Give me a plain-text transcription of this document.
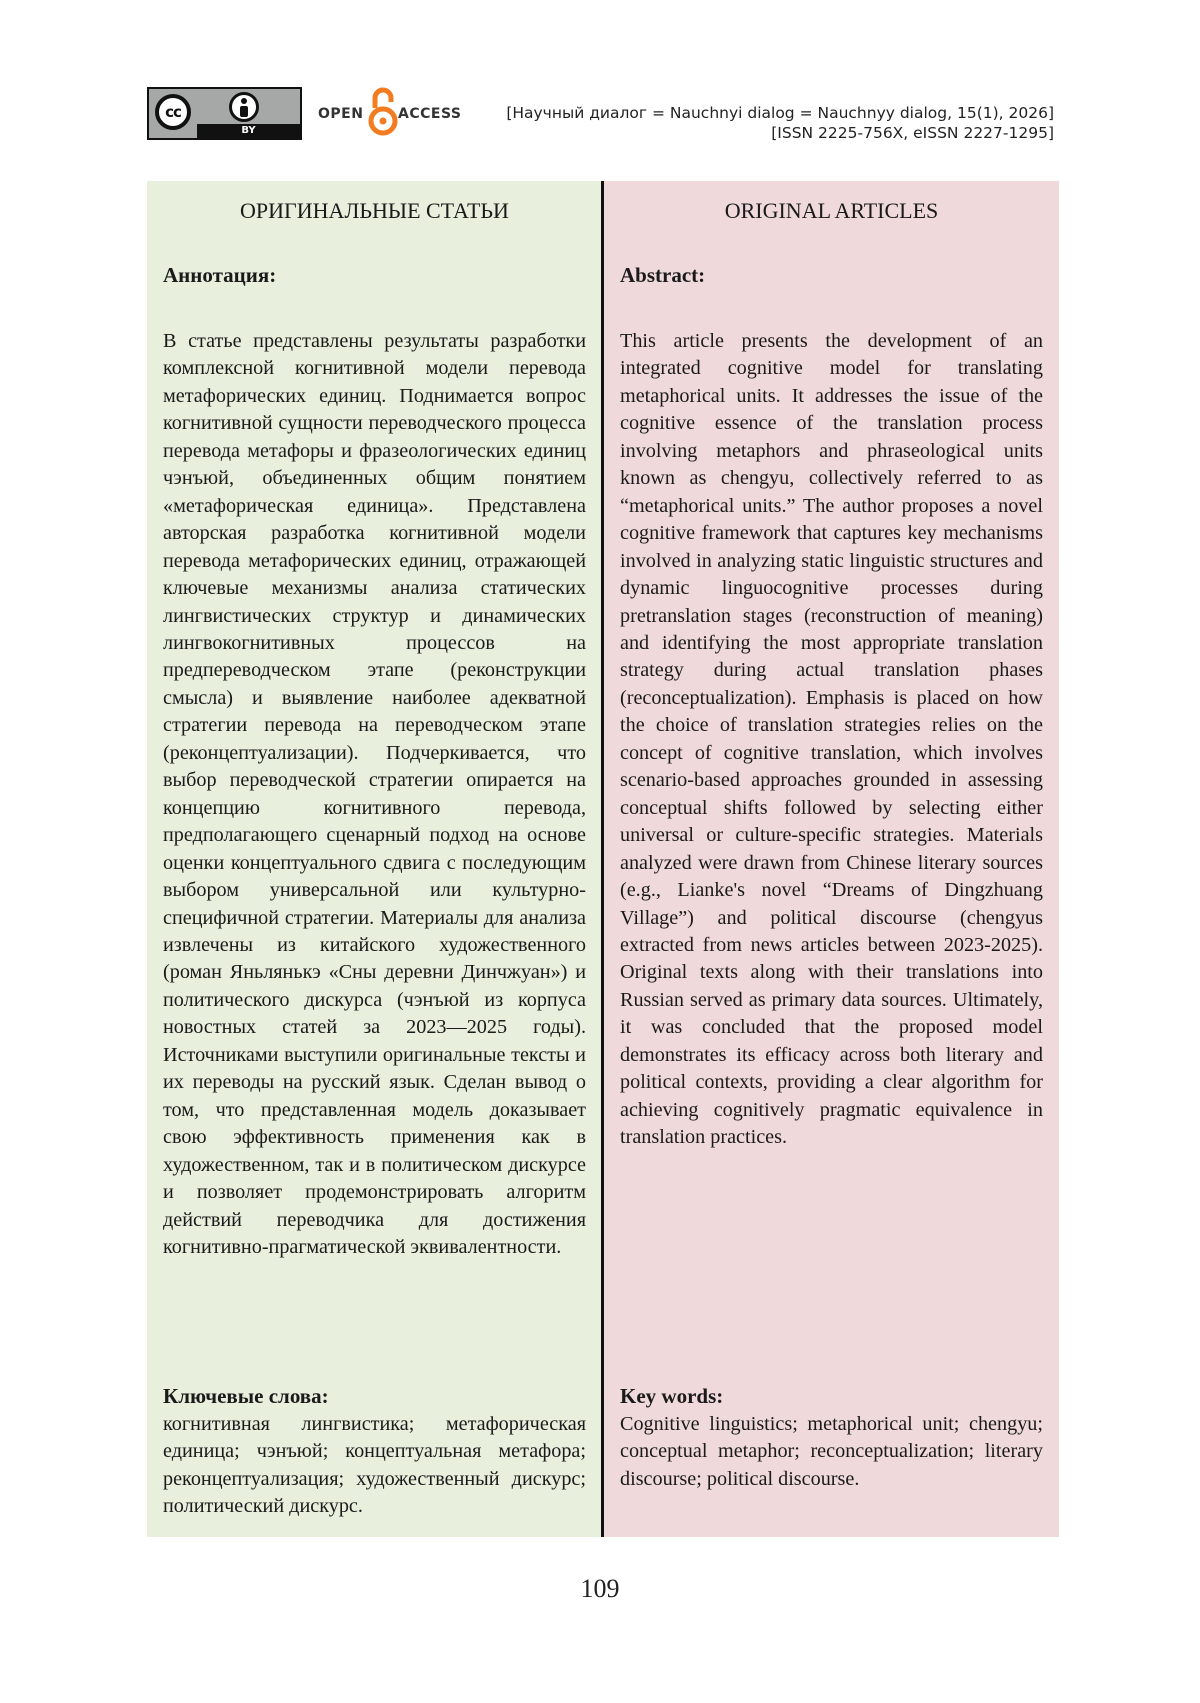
cc
BY
OPEN ACCESS	[Научный диалог = Nauchnyi dialog = Nauchnyy dialog, 15(1), 2026]
[ISSN 2225-756X, eISSN 2227-1295]
ОРИГИНАЛЬНЫЕ СТАТЬИ
Аннотация:
В статье представлены результаты разработки комплексной когнитивной модели перевода метафорических единиц. Поднимается вопрос когнитивной сущности переводческого процесса перевода метафоры и фразеологических единиц чэнъюй, объединенных общим понятием «метафорическая единица». Представлена авторская разработка когнитивной модели перевода метафорических единиц, отражающей ключевые механизмы анализа статических лингвистических структур и динамических лингвокогнитивных процессов на предпереводческом этапе (реконструкции смысла) и выявление наиболее адекватной стратегии перевода на переводческом этапе (реконцептуализации). Подчеркивается, что выбор переводческой стратегии опирается на концепцию когнитивного перевода, предполагающего сценарный подход на основе оценки концептуального сдвига с последующим выбором универсальной или культурно-специфичной стратегии. Материалы для анализа извлечены из китайского художественного (роман Яньлянькэ «Сны деревни Динчжуан») и политического дискурса (чэнъюй из корпуса новостных статей за 2023—2025 годы). Источниками выступили оригинальные тексты и их переводы на русский язык. Сделан вывод о том, что представленная модель доказывает свою эффективность применения как в художественном, так и в политическом дискурсе и позволяет продемонстрировать алгоритм действий переводчика для достижения когнитивно-прагматической эквивалентности.
Ключевые слова:
когнитивная лингвистика; метафорическая единица; чэнъюй; концептуальная метафора; реконцептуализация; художественный дискурс; политический дискурс.
ORIGINAL ARTICLES
Abstract:
This article presents the development of an integrated cognitive model for translating metaphorical units. It addresses the issue of the cognitive essence of the translation process involving metaphors and phraseological units known as chengyu, collectively referred to as “metaphorical units.” The author proposes a novel cognitive framework that captures key mechanisms involved in analyzing static linguistic structures and dynamic linguocognitive processes during pretranslation stages (reconstruction of meaning) and identifying the most appropriate translation strategy during actual translation phases (reconceptualization). Emphasis is placed on how the choice of translation strategies relies on the concept of cognitive translation, which involves scenario-based approaches grounded in assessing conceptual shifts followed by selecting either universal or culture-specific strategies. Materials analyzed were drawn from Chinese literary sources (e.g., Lianke's novel “Dreams of Dingzhuang Village”) and political discourse (chengyus extracted from news articles between 2023-2025). Original texts along with their translations into Russian served as primary data sources. Ultimately, it was concluded that the proposed model demonstrates its efficacy across both literary and political contexts, providing a clear algorithm for achieving cognitively pragmatic equivalence in translation practices.
Key words:
Cognitive linguistics; metaphorical unit; chengyu; conceptual metaphor; reconceptualization; literary discourse; political discourse.
109
